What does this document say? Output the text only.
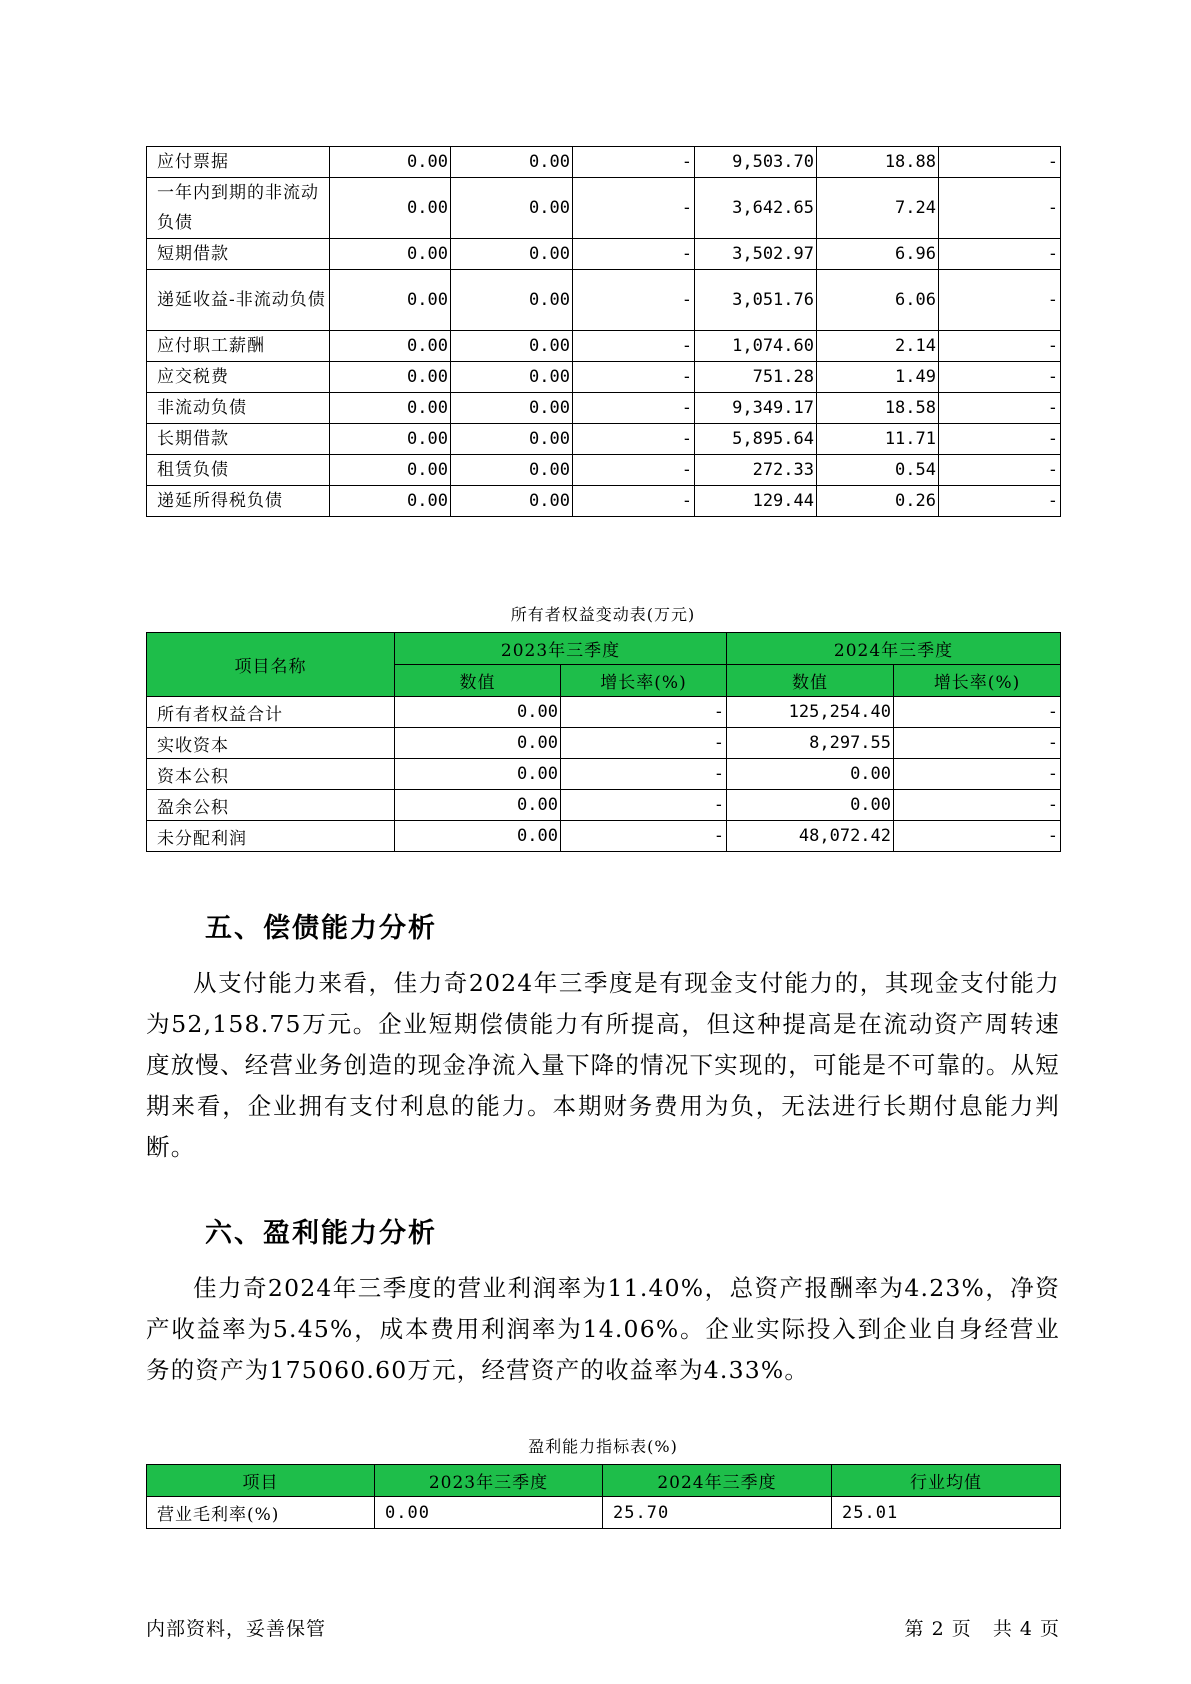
应付票据	0.00	0.00	-	9,503.70	18.88	-
一年内到期的非流动负债	0.00	0.00	-	3,642.65	7.24	-
短期借款	0.00	0.00	-	3,502.97	6.96	-
递延收益-非流动负债	0.00	0.00	-	3,051.76	6.06	-
应付职工薪酬	0.00	0.00	-	1,074.60	2.14	-
应交税费	0.00	0.00	-	751.28	1.49	-
非流动负债	0.00	0.00	-	9,349.17	18.58	-
长期借款	0.00	0.00	-	5,895.64	11.71	-
租赁负债	0.00	0.00	-	272.33	0.54	-
递延所得税负债	0.00	0.00	-	129.44	0.26	-
所有者权益变动表(万元)
项目名称	2023年三季度		2024年三季度	
	数值	增长率(%)	数值	增长率(%)
所有者权益合计	0.00	-	125,254.40	-
实收资本	0.00	-	8,297.55	-
资本公积	0.00	-	0.00	-
盈余公积	0.00	-	0.00	-
未分配利润	0.00	-	48,072.42	-
五、偿债能力分析

从支付能力来看，佳力奇2024年三季度是有现金支付能力的，其现金支付能力为52,158.75万元。企业短期偿债能力有所提高，但这种提高是在流动资产周转速度放慢、经营业务创造的现金净流入量下降的情况下实现的，可能是不可靠的。从短期来看，企业拥有支付利息的能力。本期财务费用为负，无法进行长期付息能力判断。

六、盈利能力分析

佳力奇2024年三季度的营业利润率为11.40%，总资产报酬率为4.23%，净资产收益率为5.45%，成本费用利润率为14.06%。企业实际投入到企业自身经营业务的资产为175060.60万元，经营资产的收益率为4.33%。

盈利能力指标表(%)
项目	2023年三季度	2024年三季度	行业均值
营业毛利率(%)	0.00	25.70	25.01
内部资料，妥善保管	第 2 页   共 4 页
